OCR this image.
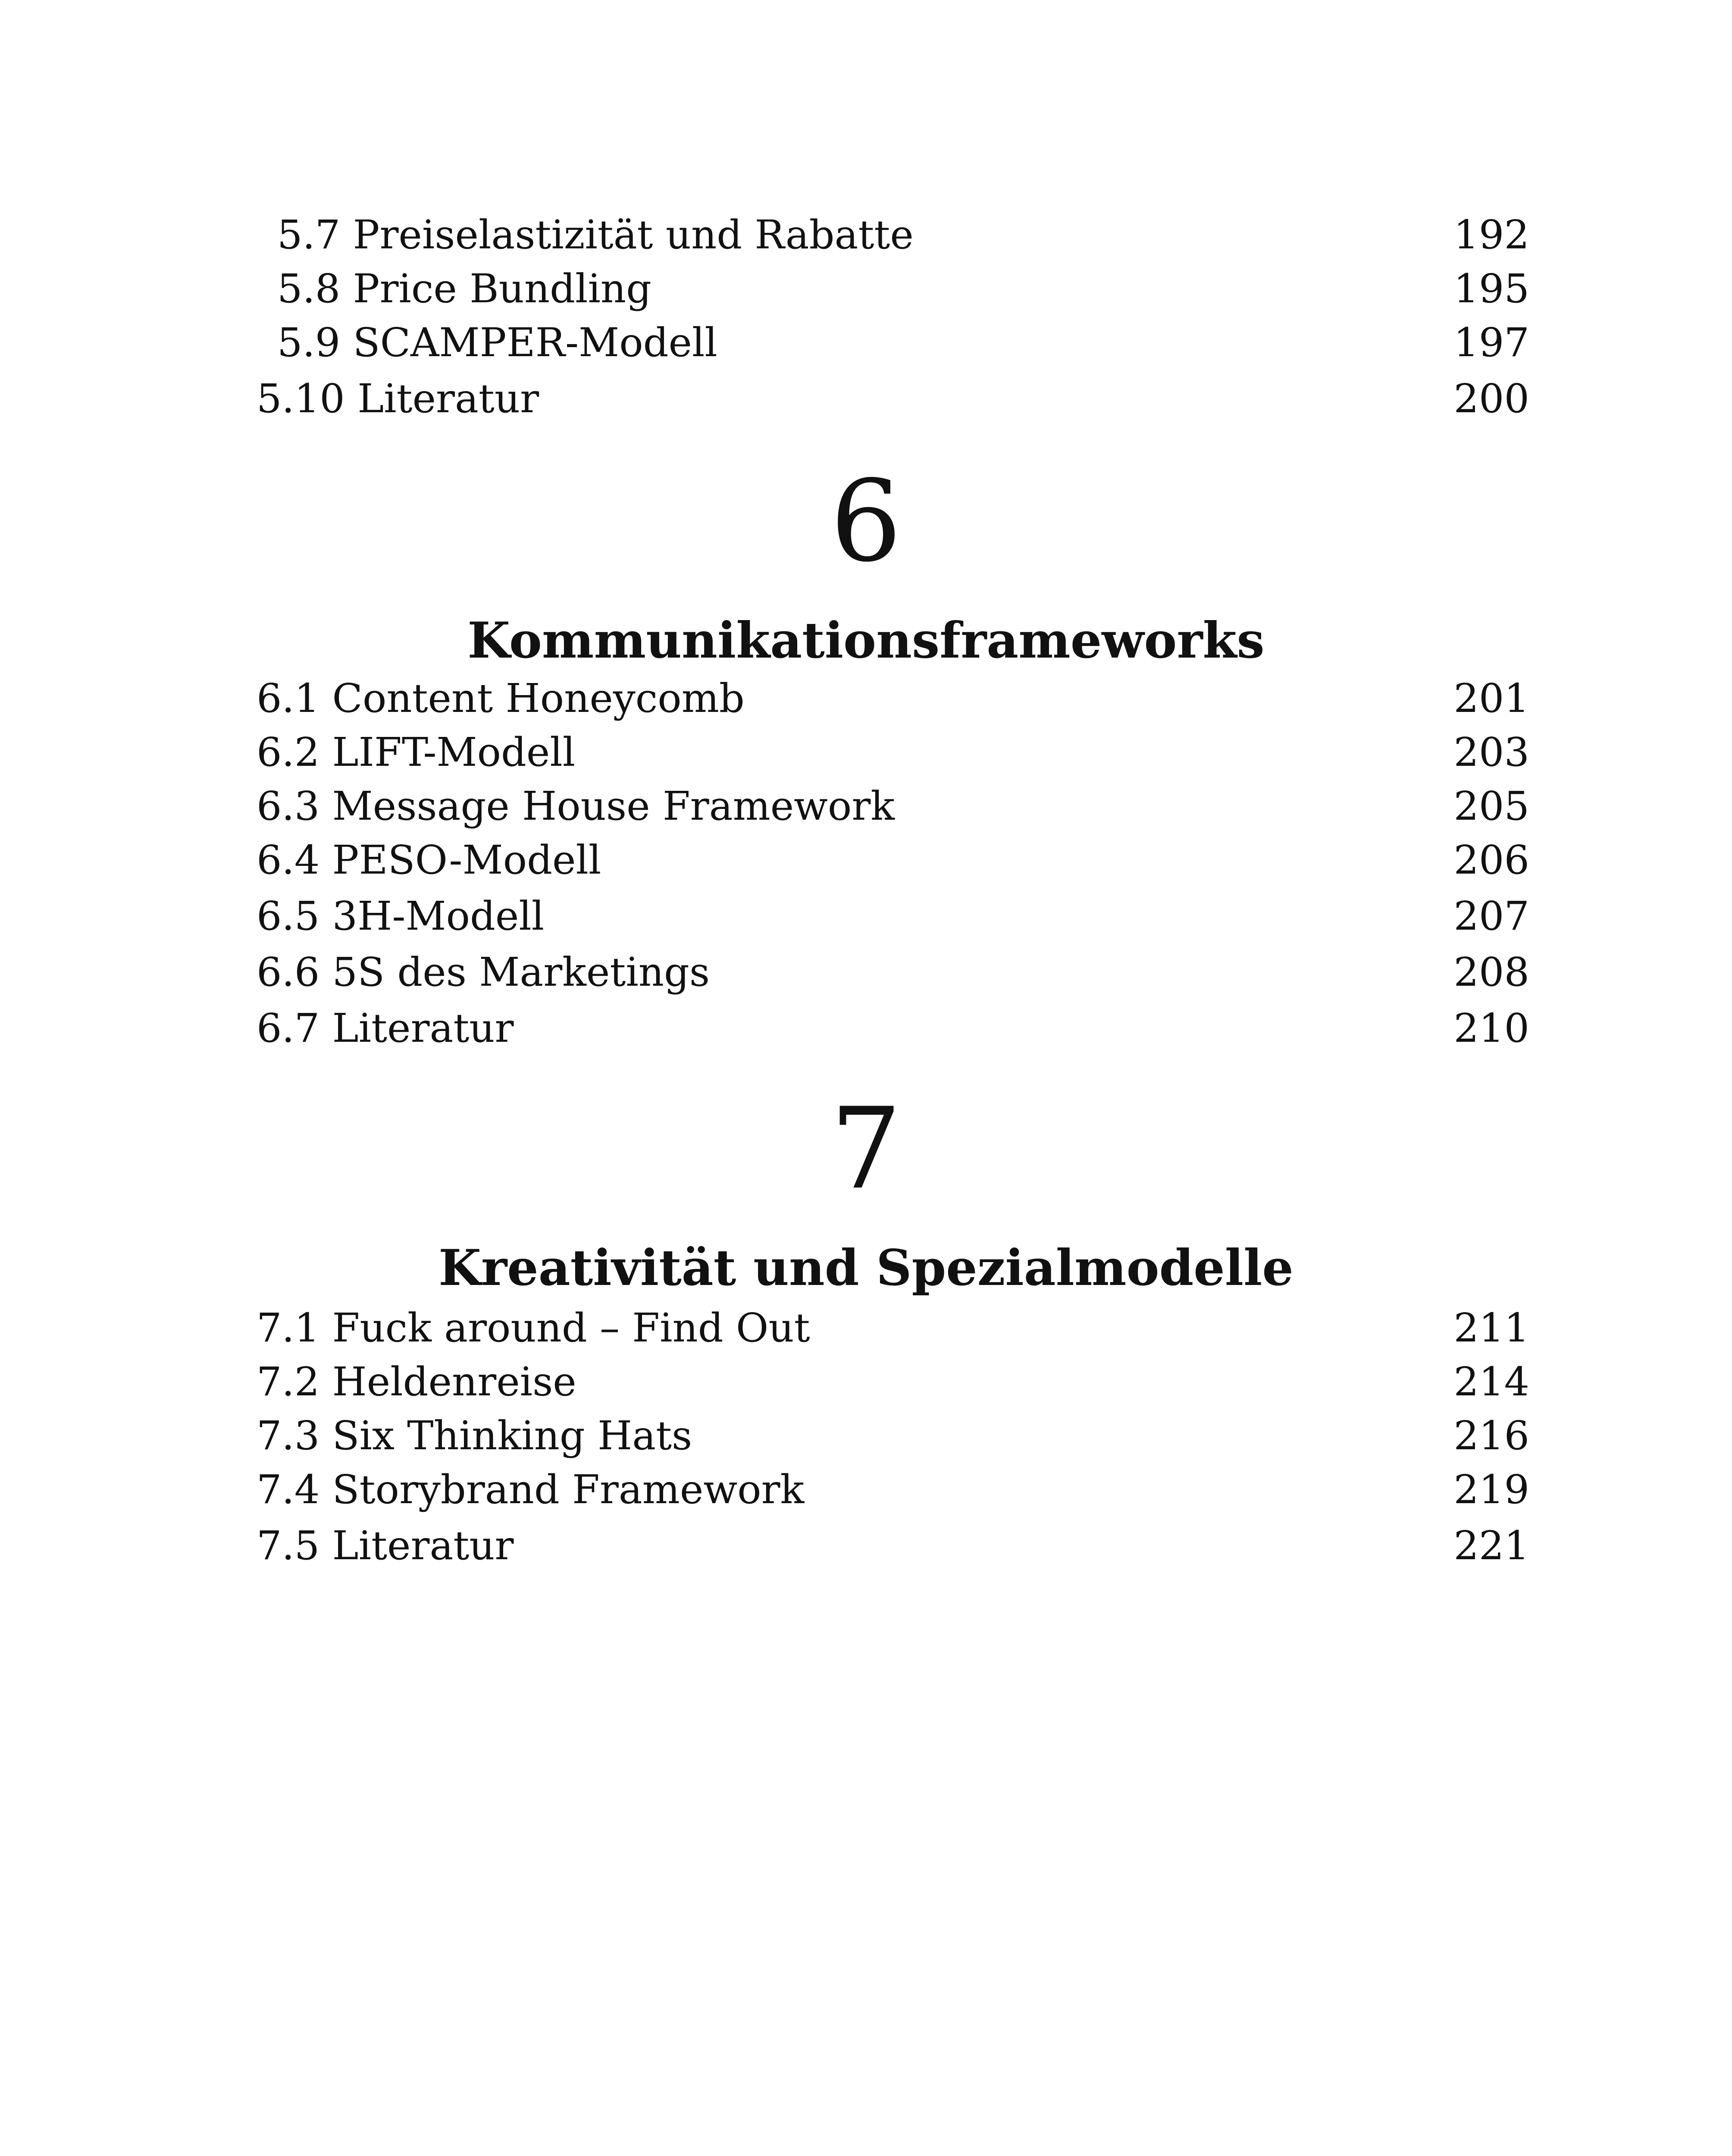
5.7 Preiselastizität und Rabatte	192
5.8 Price Bundling	195
5.9 SCAMPER-Modell	197
5.10 Literatur	200
6
Kommunikationsframeworks
6.1 Content Honeycomb	201
6.2 LIFT-Modell	203
6.3 Message House Framework	205
6.4 PESO-Modell	206
6.5 3H-Modell	207
6.6 5S des Marketings	208
6.7 Literatur	210
7
Kreativität und Spezialmodelle
7.1 Fuck around – Find Out	211
7.2 Heldenreise	214
7.3 Six Thinking Hats	216
7.4 Storybrand Framework	219
7.5 Literatur	221
